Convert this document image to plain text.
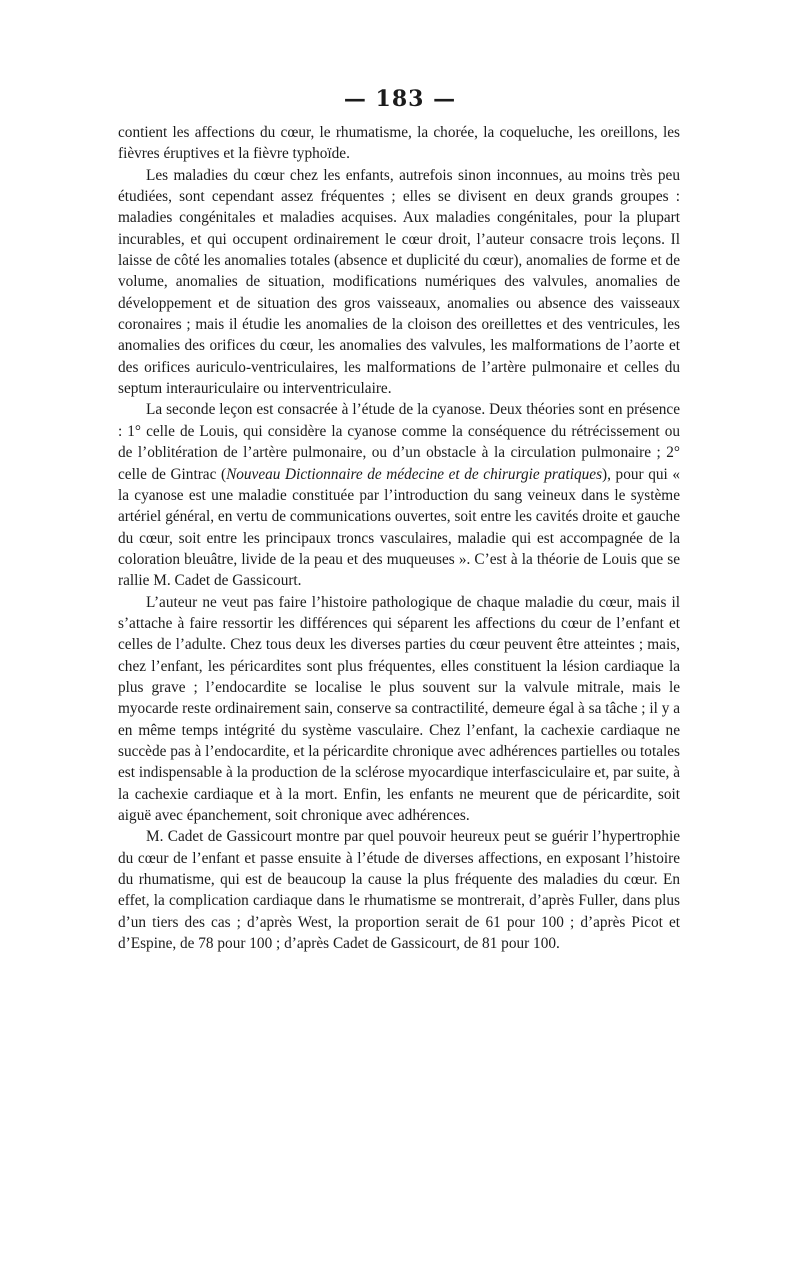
— 183 —

contient les affections du cœur, le rhumatisme, la chorée, la coqueluche, les oreillons, les fièvres éruptives et la fièvre typhoïde.

Les maladies du cœur chez les enfants, autrefois sinon inconnues, au moins très peu étudiées, sont cependant assez fréquentes ; elles se divisent en deux grands groupes : maladies congénitales et maladies acquises. Aux maladies congénitales, pour la plupart incurables, et qui occupent ordinairement le cœur droit, l’auteur consacre trois leçons. Il laisse de côté les anomalies totales (absence et duplicité du cœur), anomalies de forme et de volume, anomalies de situation, modifications numériques des valvules, anomalies de développement et de situation des gros vaisseaux, anomalies ou absence des vaisseaux coronaires ; mais il étudie les anomalies de la cloison des oreillettes et des ventricules, les anomalies des orifices du cœur, les anomalies des valvules, les malformations de l’aorte et des orifices auriculo-ventriculaires, les malformations de l’artère pulmonaire et celles du septum interauriculaire ou interventriculaire.

La seconde leçon est consacrée à l’étude de la cyanose. Deux théories sont en présence : 1° celle de Louis, qui considère la cyanose comme la conséquence du rétrécissement ou de l’oblitération de l’artère pulmonaire, ou d’un obstacle à la circulation pulmonaire ; 2° celle de Gintrac (Nouveau Dictionnaire de médecine et de chirurgie pratiques), pour qui « la cyanose est une maladie constituée par l’introduction du sang veineux dans le système artériel général, en vertu de communications ouvertes, soit entre les cavités droite et gauche du cœur, soit entre les principaux troncs vasculaires, maladie qui est accompagnée de la coloration bleuâtre, livide de la peau et des muqueuses ». C’est à la théorie de Louis que se rallie M. Cadet de Gassicourt.

L’auteur ne veut pas faire l’histoire pathologique de chaque maladie du cœur, mais il s’attache à faire ressortir les différences qui séparent les affections du cœur de l’enfant et celles de l’adulte. Chez tous deux les diverses parties du cœur peuvent être atteintes ; mais, chez l’enfant, les péricardites sont plus fréquentes, elles constituent la lésion cardiaque la plus grave ; l’endocardite se localise le plus souvent sur la valvule mitrale, mais le myocarde reste ordinairement sain, conserve sa contractilité, demeure égal à sa tâche ; il y a en même temps intégrité du système vasculaire. Chez l’enfant, la cachexie cardiaque ne succède pas à l’endocardite, et la péricardite chronique avec adhérences partielles ou totales est indispensable à la production de la sclérose myocardique interfasciculaire et, par suite, à la cachexie cardiaque et à la mort. Enfin, les enfants ne meurent que de péricardite, soit aiguë avec épanchement, soit chronique avec adhérences.

M. Cadet de Gassicourt montre par quel pouvoir heureux peut se guérir l’hypertrophie du cœur de l’enfant et passe ensuite à l’étude de diverses affections, en exposant l’histoire du rhumatisme, qui est de beaucoup la cause la plus fréquente des maladies du cœur. En effet, la complication cardiaque dans le rhumatisme se montrerait, d’après Fuller, dans plus d’un tiers des cas ; d’après West, la proportion serait de 61 pour 100 ; d’après Picot et d’Espine, de 78 pour 100 ; d’après Cadet de Gassicourt, de 81 pour 100.
